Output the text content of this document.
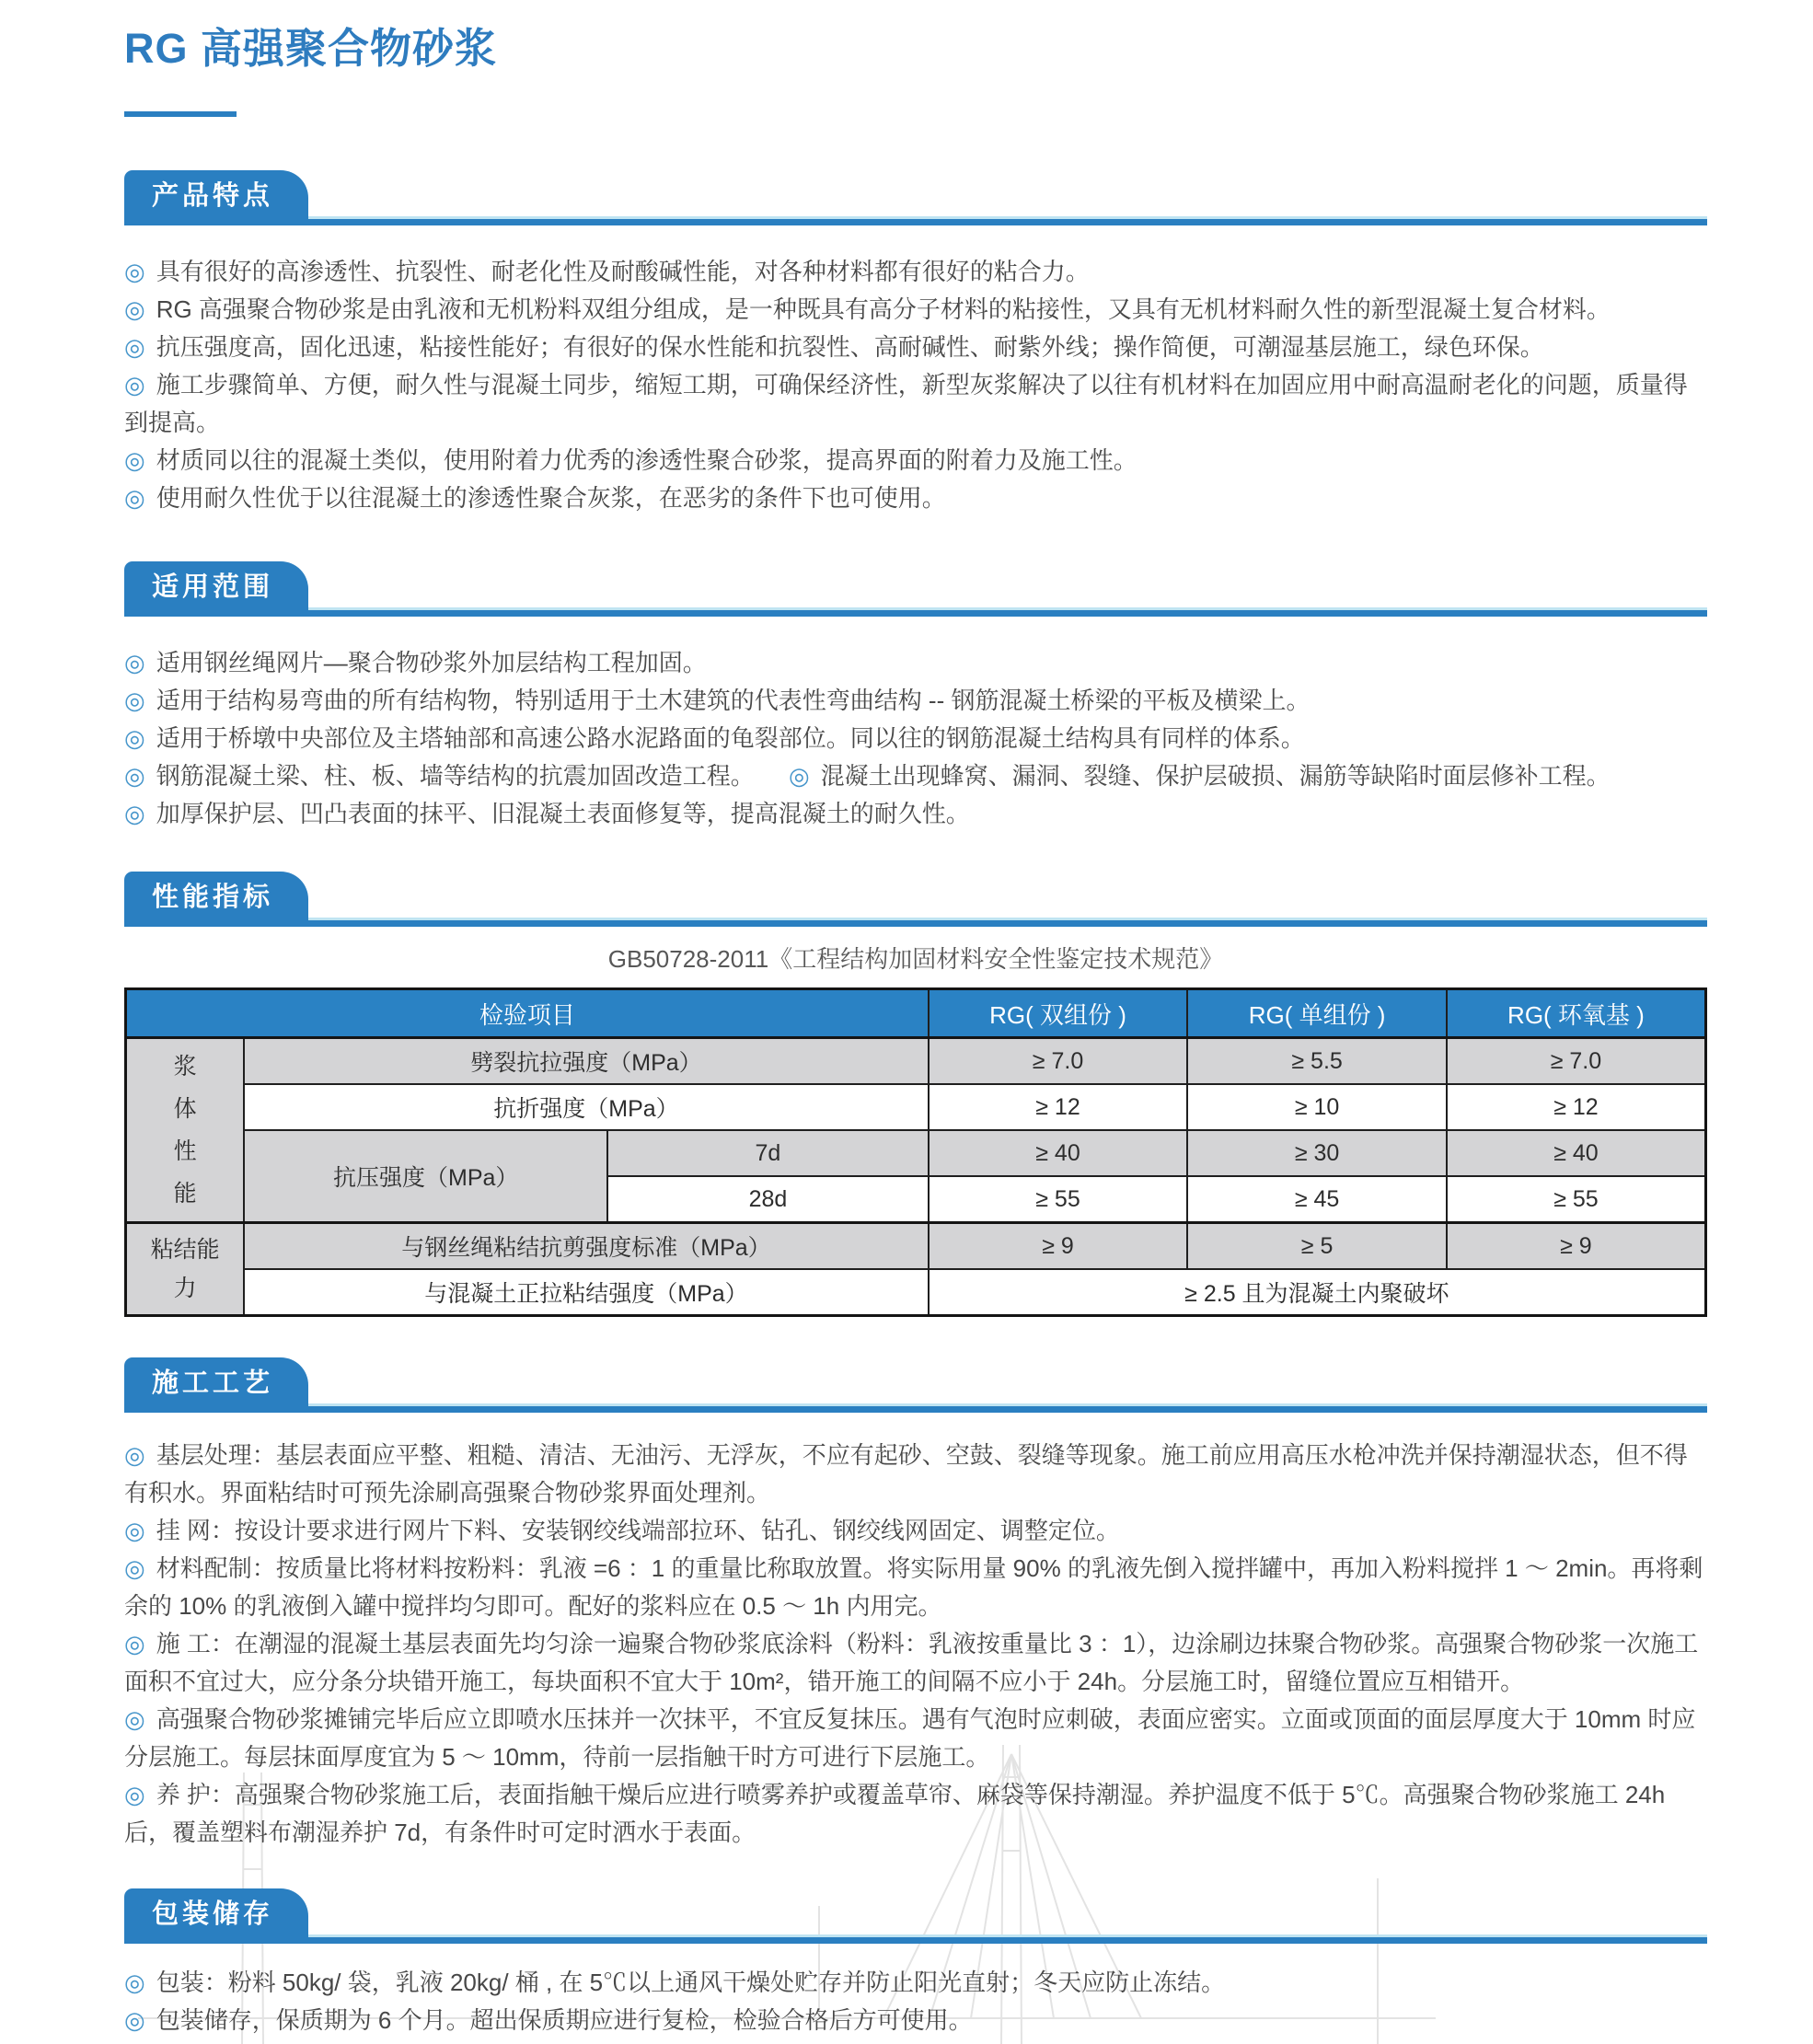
RG 高强聚合物砂浆
产品特点

◎ 具有很好的高渗透性、抗裂性、耐老化性及耐酸碱性能，对各种材料都有很好的粘合力。

◎ RG 高强聚合物砂浆是由乳液和无机粉料双组分组成，是一种既具有高分子材料的粘接性，又具有无机材料耐久性的新型混凝土复合材料。

◎ 抗压强度高，固化迅速，粘接性能好；有很好的保水性能和抗裂性、高耐碱性、耐紫外线；操作简便，可潮湿基层施工，绿色环保。

◎ 施工步骤简单、方便，耐久性与混凝土同步，缩短工期，可确保经济性，新型灰浆解决了以往有机材料在加固应用中耐高温耐老化的问题，质量得到提高。

◎ 材质同以往的混凝土类似，使用附着力优秀的渗透性聚合砂浆，提高界面的附着力及施工性。

◎ 使用耐久性优于以往混凝土的渗透性聚合灰浆，在恶劣的条件下也可使用。

适用范围

◎ 适用钢丝绳网片—聚合物砂浆外加层结构工程加固。

◎ 适用于结构易弯曲的所有结构物，特别适用于土木建筑的代表性弯曲结构 -- 钢筋混凝土桥梁的平板及横梁上。

◎ 适用于桥墩中央部位及主塔轴部和高速公路水泥路面的龟裂部位。同以往的钢筋混凝土结构具有同样的体系。

◎ 钢筋混凝土梁、柱、板、墙等结构的抗震加固改造工程。 ◎ 混凝土出现蜂窝、漏洞、裂缝、保护层破损、漏筋等缺陷时面层修补工程。

◎ 加厚保护层、凹凸表面的抹平、旧混凝土表面修复等，提高混凝土的耐久性。

性能指标
GB50728-2011《工程结构加固材料安全性鉴定技术规范》
检验项目			RG( 双组份 )	RG( 单组份 )	RG( 环氧基 )

浆体性能	劈裂抗拉强度（MPa）		≥ 7.0	≥ 5.5	≥ 7.0
	抗折强度（MPa）		≥ 12	≥ 10	≥ 12
	抗压强度（MPa）	7d	≥ 40	≥ 30	≥ 40
		28d	≥ 55	≥ 45	≥ 55

粘结能力	与钢丝绳粘结抗剪强度标准（MPa）		≥ 9	≥ 5	≥ 9
	与混凝土正拉粘结强度（MPa）		≥ 2.5 且为混凝土内聚破坏		
施工工艺

◎ 基层处理：基层表面应平整、粗糙、清洁、无油污、无浮灰，不应有起砂、空鼓、裂缝等现象。施工前应用高压水枪冲洗并保持潮湿状态，但不得有积水。界面粘结时可预先涂刷高强聚合物砂浆界面处理剂。

◎ 挂 网：按设计要求进行网片下料、安装钢绞线端部拉环、钻孔、钢绞线网固定、调整定位。

◎ 材料配制：按质量比将材料按粉料：乳液 =6 ：1 的重量比称取放置。将实际用量 90% 的乳液先倒入搅拌罐中，再加入粉料搅拌 1 ～ 2min。再将剩余的 10% 的乳液倒入罐中搅拌均匀即可。配好的浆料应在 0.5 ～ 1h 内用完。

◎ 施 工：在潮湿的混凝土基层表面先均匀涂一遍聚合物砂浆底涂料（粉料：乳液按重量比 3 ：1），边涂刷边抹聚合物砂浆。高强聚合物砂浆一次施工面积不宜过大，应分条分块错开施工，每块面积不宜大于 10m²，错开施工的间隔不应小于 24h。分层施工时，留缝位置应互相错开。

◎ 高强聚合物砂浆摊铺完毕后应立即喷水压抹并一次抹平，不宜反复抹压。遇有气泡时应刺破，表面应密实。立面或顶面的面层厚度大于 10mm 时应分层施工。每层抹面厚度宜为 5 ～ 10mm，待前一层指触干时方可进行下层施工。

◎ 养 护：高强聚合物砂浆施工后，表面指触干燥后应进行喷雾养护或覆盖草帘、麻袋等保持潮湿。养护温度不低于 5℃。高强聚合物砂浆施工 24h 后，覆盖塑料布潮湿养护 7d，有条件时可定时洒水于表面。

包装储存

◎ 包装：粉料 50kg/ 袋，乳液 20kg/ 桶 , 在 5℃以上通风干燥处贮存并防止阳光直射；冬天应防止冻结。

◎ 包装储存，保质期为 6 个月。超出保质期应进行复检，检验合格后方可使用。
